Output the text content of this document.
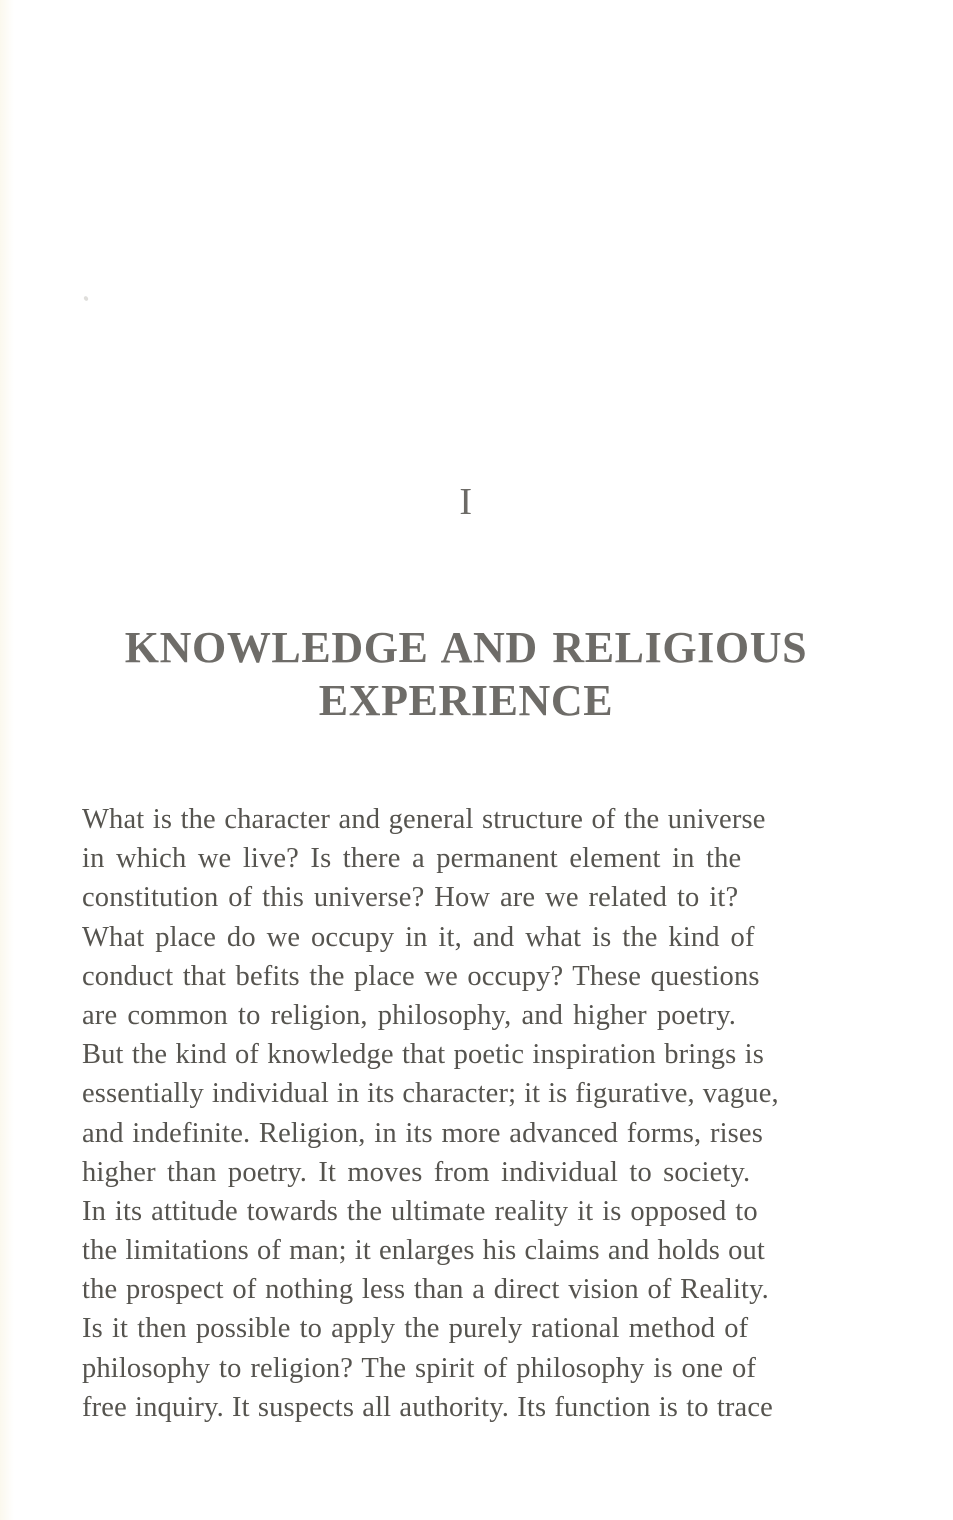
I
KNOWLEDGE AND RELIGIOUS
EXPERIENCE
What is the character and general structure of the universe
in which we live? Is there a permanent element in the
constitution of this universe? How are we related to it?
What place do we occupy in it, and what is the kind of
conduct that befits the place we occupy? These questions
are common to religion, philosophy, and higher poetry.
But the kind of knowledge that poetic inspiration brings is
essentially individual in its character; it is figurative, vague,
and indefinite. Religion, in its more advanced forms, rises
higher than poetry. It moves from individual to society.
In its attitude towards the ultimate reality it is opposed to
the limitations of man; it enlarges his claims and holds out
the prospect of nothing less than a direct vision of Reality.
Is it then possible to apply the purely rational method of
philosophy to religion? The spirit of philosophy is one of
free inquiry. It suspects all authority. Its function is to trace
